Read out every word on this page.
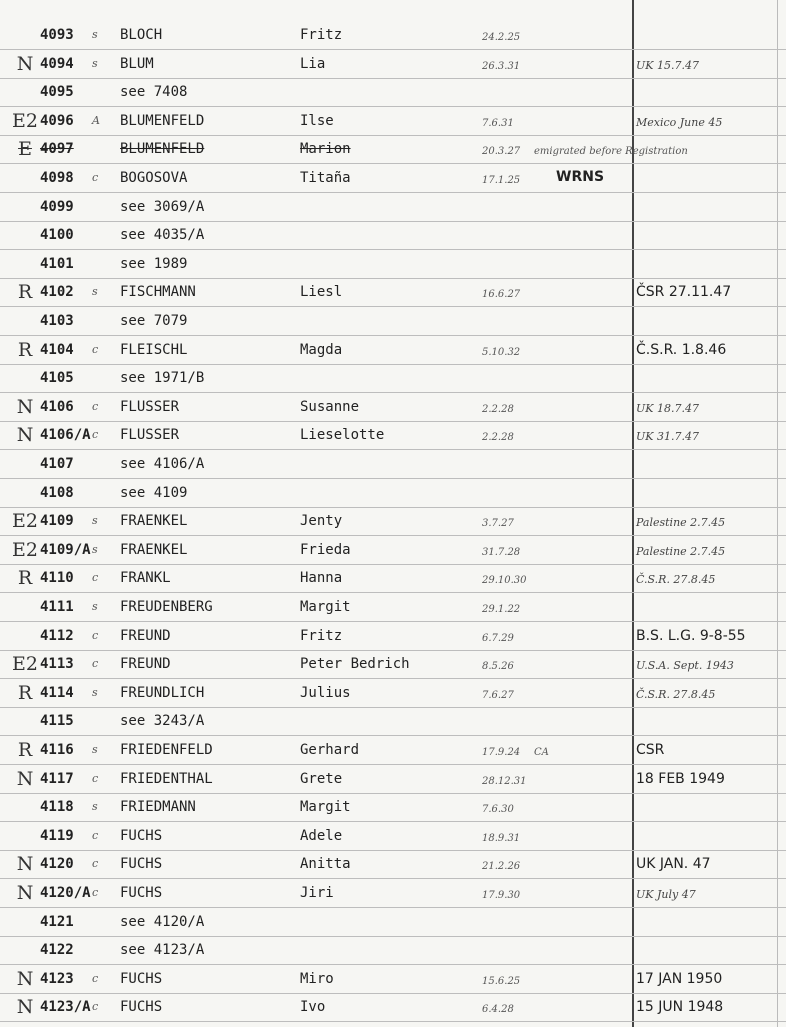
4093	s	BLOCH	Fritz	24.2.25
N 4094	s	BLUM	Lia	26.3.31	UK 15.7.47
4095	see 7408
E2 4096	A	BLUMENFELD	Ilse	7.6.31	Mexico June 45
E 4097	BLUMENFELD	Marion	20.3.27	emigrated before Registration
4098	c	BOGOSOVA	Titaña	17.1.25	WRNS
4099	see 3069/A
4100	see 4035/A
4101	see 1989
R 4102	s	FISCHMANN	Liesl	16.6.27	ČSR 27.11.47
4103	see 7079
R 4104	c	FLEISCHL	Magda	5.10.32	Č.S.R. 1.8.46
4105	see 1971/B
N 4106	c	FLUSSER	Susanne	2.2.28	UK 18.7.47
N 4106/A c	FLUSSER	Lieselotte	2.2.28	UK 31.7.47
4107	see 4106/A
4108	see 4109
E2 4109	s	FRAENKEL	Jenty	3.7.27	Palestine 2.7.45
E2 4109/A s	FRAENKEL	Frieda	31.7.28	Palestine 2.7.45
R 4110	c	FRANKL	Hanna	29.10.30	Č.S.R. 27.8.45
4111	s	FREUDENBERG	Margit	29.1.22
4112	c	FREUND	Fritz	6.7.29	B.S. L.G. 9-8-55
E2 4113	c	FREUND	Peter Bedrich	8.5.26	U.S.A. Sept. 1943
R 4114	s	FREUNDLICH	Julius	7.6.27	Č.S.R. 27.8.45
4115	see 3243/A
R 4116	s	FRIEDENFELD	Gerhard	17.9.24	CA	CSR
N 4117	c	FRIEDENTHAL	Grete	28.12.31	18 FEB 1949
4118	s	FRIEDMANN	Margit	7.6.30
4119	c	FUCHS	Adele	18.9.31
N 4120	c	FUCHS	Anitta	21.2.26	UK JAN. 47
N 4120/A c	FUCHS	Jiri	17.9.30	UK July 47
4121	see 4120/A
4122	see 4123/A
N 4123	c	FUCHS	Miro	15.6.25	17 JAN 1950
N 4123/A c	FUCHS	Ivo	6.4.28	15 JUN 1948
